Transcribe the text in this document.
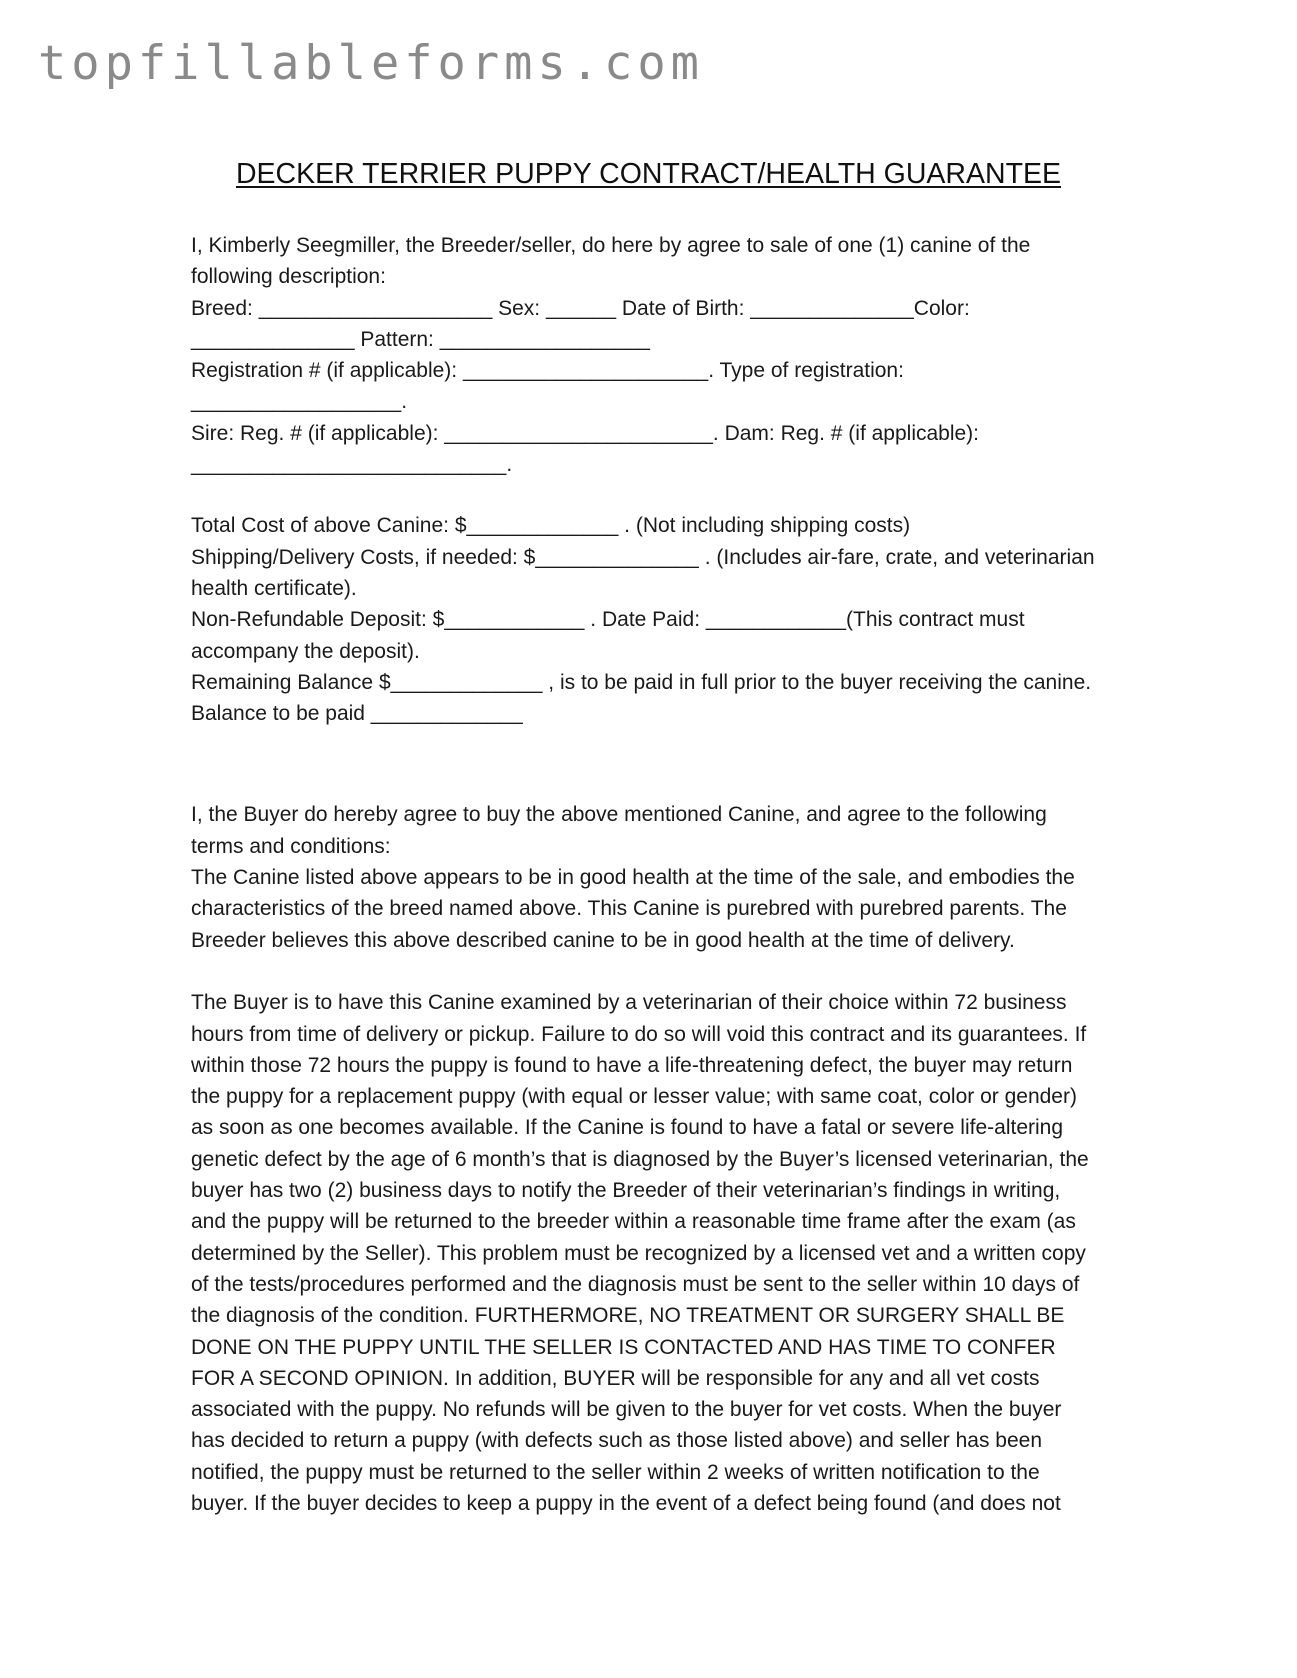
topfillableforms.com
DECKER TERRIER PUPPY CONTRACT/HEALTH GUARANTEE
I, Kimberly Seegmiller, the Breeder/seller, do here by agree to sale of one (1) canine of the
following description:
Breed: ____________________ Sex: ______ Date of Birth: ______________Color:
______________ Pattern: __________________
Registration # (if applicable): _____________________. Type of registration:
__________________.
Sire: Reg. # (if applicable): _______________________. Dam: Reg. # (if applicable):
___________________________.
Total Cost of above Canine: $_____________ . (Not including shipping costs)
Shipping/Delivery Costs, if needed: $______________ . (Includes air-fare, crate, and veterinarian
health certificate).
Non-Refundable Deposit: $____________ . Date Paid: ____________(This contract must
accompany the deposit).
Remaining Balance $_____________ , is to be paid in full prior to the buyer receiving the canine.
Balance to be paid _____________
I, the Buyer do hereby agree to buy the above mentioned Canine, and agree to the following
terms and conditions:
The Canine listed above appears to be in good health at the time of the sale, and embodies the
characteristics of the breed named above. This Canine is purebred with purebred parents. The
Breeder believes this above described canine to be in good health at the time of delivery.
The Buyer is to have this Canine examined by a veterinarian of their choice within 72 business
hours from time of delivery or pickup. Failure to do so will void this contract and its guarantees. If
within those 72 hours the puppy is found to have a life-threatening defect, the buyer may return
the puppy for a replacement puppy (with equal or lesser value; with same coat, color or gender)
as soon as one becomes available. If the Canine is found to have a fatal or severe life-altering
genetic defect by the age of 6 month’s that is diagnosed by the Buyer’s licensed veterinarian, the
buyer has two (2) business days to notify the Breeder of their veterinarian’s findings in writing,
and the puppy will be returned to the breeder within a reasonable time frame after the exam (as
determined by the Seller). This problem must be recognized by a licensed vet and a written copy
of the tests/procedures performed and the diagnosis must be sent to the seller within 10 days of
the diagnosis of the condition. FURTHERMORE, NO TREATMENT OR SURGERY SHALL BE
DONE ON THE PUPPY UNTIL THE SELLER IS CONTACTED AND HAS TIME TO CONFER
FOR A SECOND OPINION. In addition, BUYER will be responsible for any and all vet costs
associated with the puppy. No refunds will be given to the buyer for vet costs. When the buyer
has decided to return a puppy (with defects such as those listed above) and seller has been
notified, the puppy must be returned to the seller within 2 weeks of written notification to the
buyer. If the buyer decides to keep a puppy in the event of a defect being found (and does not
